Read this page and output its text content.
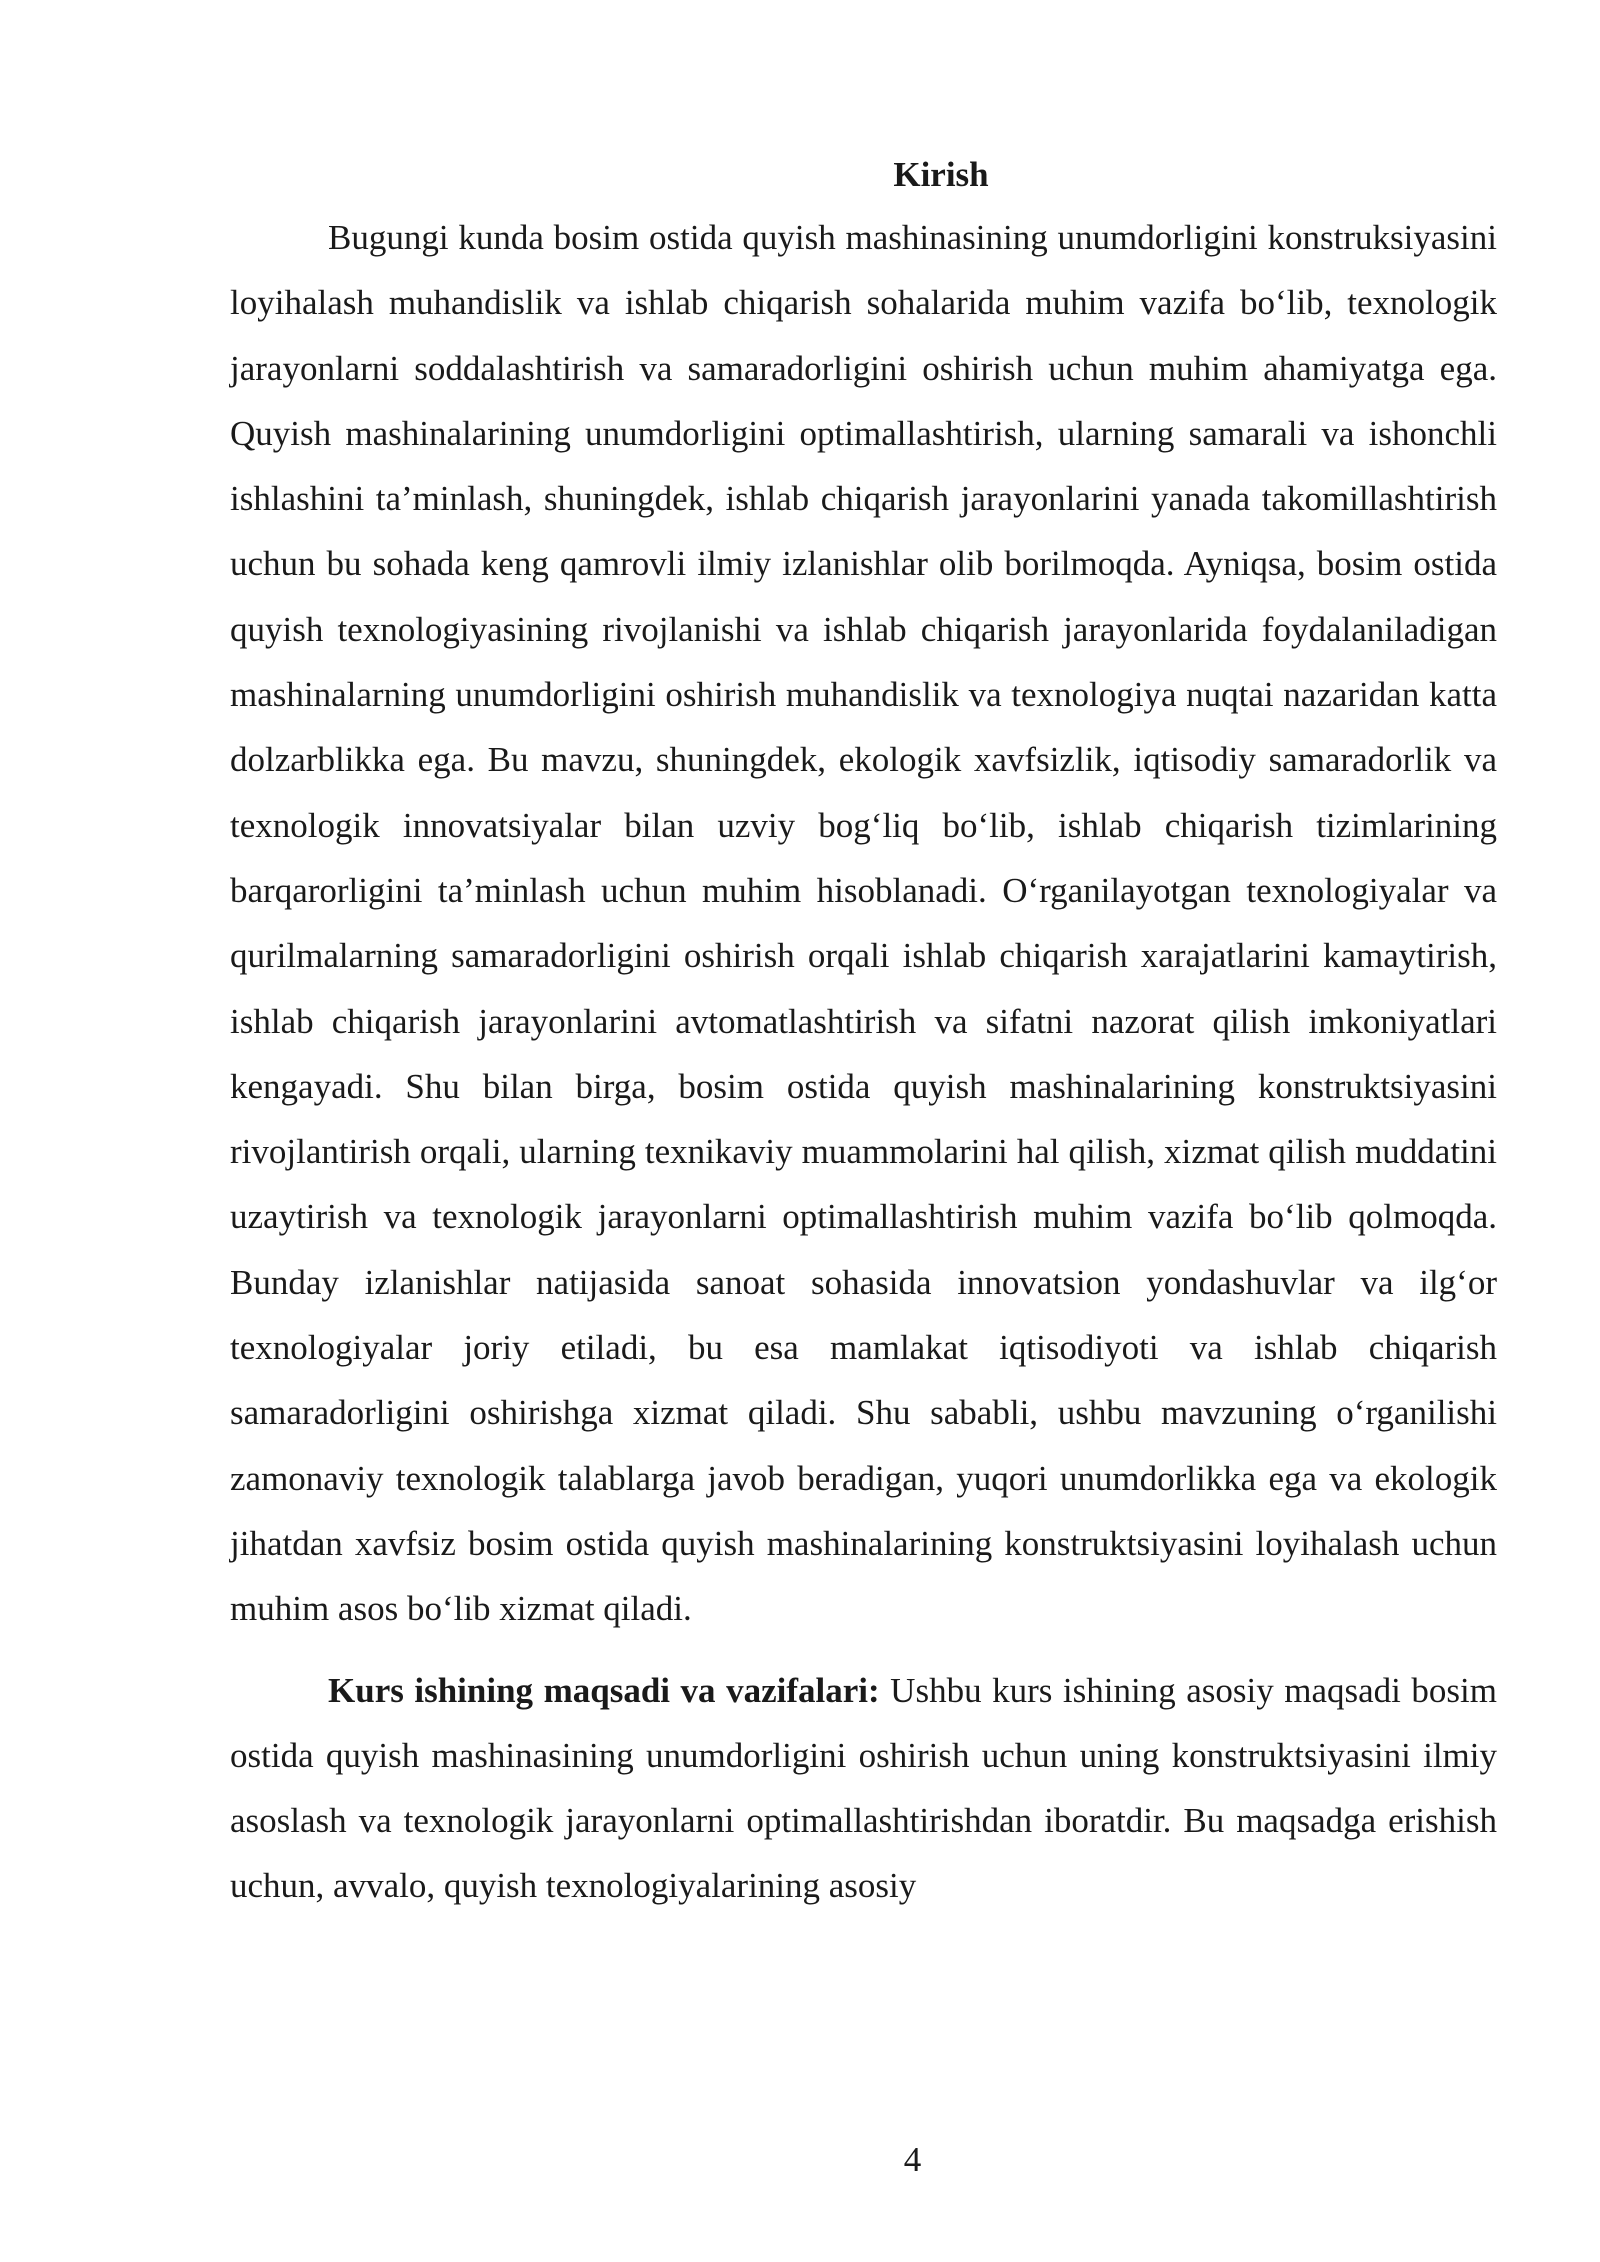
Kirish

Bugungi kunda bosim ostida quyish mashinasining unumdorligini konstruksiyasini loyihalash muhandislik va ishlab chiqarish sohalarida muhim vazifa bo‘lib, texnologik jarayonlarni soddalashtirish va samaradorligini oshirish uchun muhim ahamiyatga ega. Quyish mashinalarining unumdorligini optimallashtirish, ularning samarali va ishonchli ishlashini ta’minlash, shuningdek, ishlab chiqarish jarayonlarini yanada takomillashtirish uchun bu sohada keng qamrovli ilmiy izlanishlar olib borilmoqda. Ayniqsa, bosim ostida quyish texnologiyasining rivojlanishi va ishlab chiqarish jarayonlarida foydalaniladigan mashinalarning unumdorligini oshirish muhandislik va texnologiya nuqtai nazaridan katta dolzarblikka ega. Bu mavzu, shuningdek, ekologik xavfsizlik, iqtisodiy samaradorlik va texnologik innovatsiyalar bilan uzviy bog‘liq bo‘lib, ishlab chiqarish tizimlarining barqarorligini ta’minlash uchun muhim hisoblanadi. O‘rganilayotgan texnologiyalar va qurilmalarning samaradorligini oshirish orqali ishlab chiqarish xarajatlarini kamaytirish, ishlab chiqarish jarayonlarini avtomatlashtirish va sifatni nazorat qilish imkoniyatlari kengayadi. Shu bilan birga, bosim ostida quyish mashinalarining konstruktsiyasini rivojlantirish orqali, ularning texnikaviy muammolarini hal qilish, xizmat qilish muddatini uzaytirish va texnologik jarayonlarni optimallashtirish muhim vazifa bo‘lib qolmoqda. Bunday izlanishlar natijasida sanoat sohasida innovatsion yondashuvlar va ilg‘or texnologiyalar joriy etiladi, bu esa mamlakat iqtisodiyoti va ishlab chiqarish samaradorligini oshirishga xizmat qiladi. Shu sababli, ushbu mavzuning o‘rganilishi zamonaviy texnologik talablarga javob beradigan, yuqori unumdorlikka ega va ekologik jihatdan xavfsiz bosim ostida quyish mashinalarining konstruktsiyasini loyihalash uchun muhim asos bo‘lib xizmat qiladi.

Kurs ishining maqsadi va vazifalari: Ushbu kurs ishining asosiy maqsadi bosim ostida quyish mashinasining unumdorligini oshirish uchun uning konstruktsiyasini ilmiy asoslash va texnologik jarayonlarni optimallashtirishdan iboratdir. Bu maqsadga erishish uchun, avvalo, quyish texnologiyalarining asosiy

4
